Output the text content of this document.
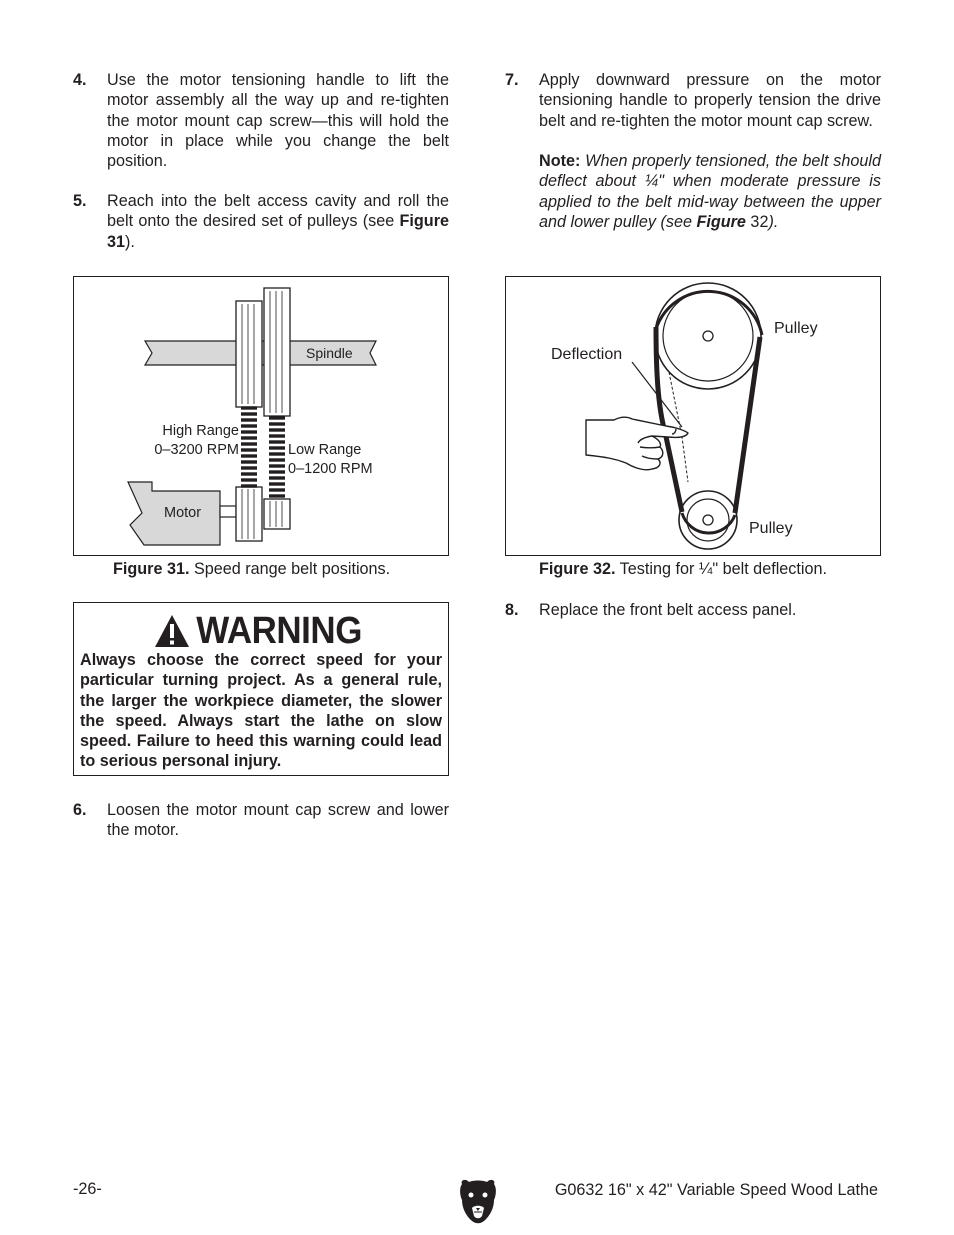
4. Use the motor tensioning handle to lift the motor assembly all the way up and re-tighten the motor mount cap screw—this will hold the motor in place while you change the belt position.
5. Reach into the belt access cavity and roll the belt onto the desired set of pulleys (see Figure 31).
Spindle
High Range
0–3200 RPM	Low Range
0–1200 RPM
Motor
Figure 31. Speed range belt positions.
WARNING
Always choose the correct speed for your particular turning project. As a general rule, the larger the workpiece diameter, the slower the speed. Always start the lathe on slow speed. Failure to heed this warning could lead to serious personal injury.
6. Loosen the motor mount cap screw and lower the motor.
7. Apply downward pressure on the motor tensioning handle to properly tension the drive belt and re-tighten the motor mount cap screw.
Note: When properly tensioned, the belt should deflect about ¼" when moderate pressure is applied to the belt mid-way between the upper and lower pulley (see Figure 32).
Deflection
Pulley
Pulley
Figure 32. Testing for ¼" belt deflection.
8. Replace the front belt access panel.
-26-	G0632 16" x 42" Variable Speed Wood Lathe
